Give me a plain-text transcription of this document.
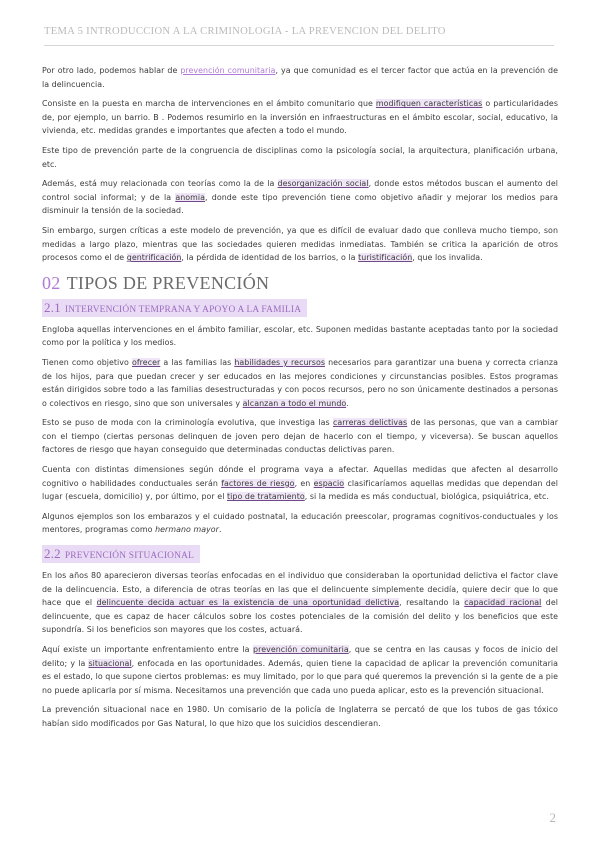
TEMA 5 INTRODUCCIÓN A LA CRIMINOLOGÍA - LA PREVENCIÓN DEL DELITO

Por otro lado, podemos hablar de prevención comunitaria, ya que comunidad es el tercer factor que actúa en la prevención de la delincuencia.

Consiste en la puesta en marcha de intervenciones en el ámbito comunitario que modifiquen características o particularidades de, por ejemplo, un barrio. B . Podemos resumirlo en la inversión en infraestructuras en el ámbito escolar, social, educativo, la vivienda, etc. medidas grandes e importantes que afecten a todo el mundo.

Este tipo de prevención parte de la congruencia de disciplinas como la psicología social, la arquitectura, planificación urbana, etc.

Además, está muy relacionada con teorías como la de la desorganización social, donde estos métodos buscan el aumento del control social informal; y de la anomia, donde este tipo prevención tiene como objetivo añadir y mejorar los medios para disminuir la tensión de la sociedad.

Sin embargo, surgen críticas a este modelo de prevención, ya que es difícil de evaluar dado que conlleva mucho tiempo, son medidas a largo plazo, mientras que las sociedades quieren medidas inmediatas. También se critica la aparición de otros procesos como el de gentrificación, la pérdida de identidad de los barrios, o la turistificación, que los invalida.

02 TIPOS DE PREVENCIÓN
2.1 INTERVENCIÓN TEMPRANA Y APOYO A LA FAMILIA

Engloba aquellas intervenciones en el ámbito familiar, escolar, etc. Suponen medidas bastante aceptadas tanto por la sociedad como por la política y los medios.

Tienen como objetivo ofrecer a las familias las habilidades y recursos necesarios para garantizar una buena y correcta crianza de los hijos, para que puedan crecer y ser educados en las mejores condiciones y circunstancias posibles. Estos programas están dirigidos sobre todo a las familias desestructuradas y con pocos recursos, pero no son únicamente destinados a personas o colectivos en riesgo, sino que son universales y alcanzan a todo el mundo.

Esto se puso de moda con la criminología evolutiva, que investiga las carreras delictivas de las personas, que van a cambiar con el tiempo (ciertas personas delinquen de joven pero dejan de hacerlo con el tiempo, y viceversa). Se buscan aquellos factores de riesgo que hayan conseguido que determinadas conductas delictivas paren.

Cuenta con distintas dimensiones según dónde el programa vaya a afectar. Aquellas medidas que afecten al desarrollo cognitivo o habilidades conductuales serán factores de riesgo, en espacio clasificaríamos aquellas medidas que dependan del lugar (escuela, domicilio) y, por último, por el tipo de tratamiento, si la medida es más conductual, biológica, psiquiátrica, etc.

Algunos ejemplos son los embarazos y el cuidado postnatal, la educación preescolar, programas cognitivos-conductuales y los mentores, programas como hermano mayor.

2.2 PREVENCIÓN SITUACIONAL

En los años 80 aparecieron diversas teorías enfocadas en el individuo que consideraban la oportunidad delictiva el factor clave de la delincuencia. Esto, a diferencia de otras teorías en las que el delincuente simplemente decidía, quiere decir que lo que hace que el delincuente decida actuar es la existencia de una oportunidad delictiva, resaltando la capacidad racional del delincuente, que es capaz de hacer cálculos sobre los costes potenciales de la comisión del delito y los beneficios que este supondría. Si los beneficios son mayores que los costes, actuará.

Aquí existe un importante enfrentamiento entre la prevención comunitaria, que se centra en las causas y focos de inicio del delito; y la situacional, enfocada en las oportunidades. Además, quien tiene la capacidad de aplicar la prevención comunitaria es el estado, lo que supone ciertos problemas: es muy limitado, por lo que para qué queremos la prevención si la gente de a pie no puede aplicarla por sí misma. Necesitamos una prevención que cada uno pueda aplicar, esto es la prevención situacional.

La prevención situacional nace en 1980. Un comisario de la policía de Inglaterra se percató de que los tubos de gas tóxico habían sido modificados por Gas Natural, lo que hizo que los suicidios descendieran.

2
